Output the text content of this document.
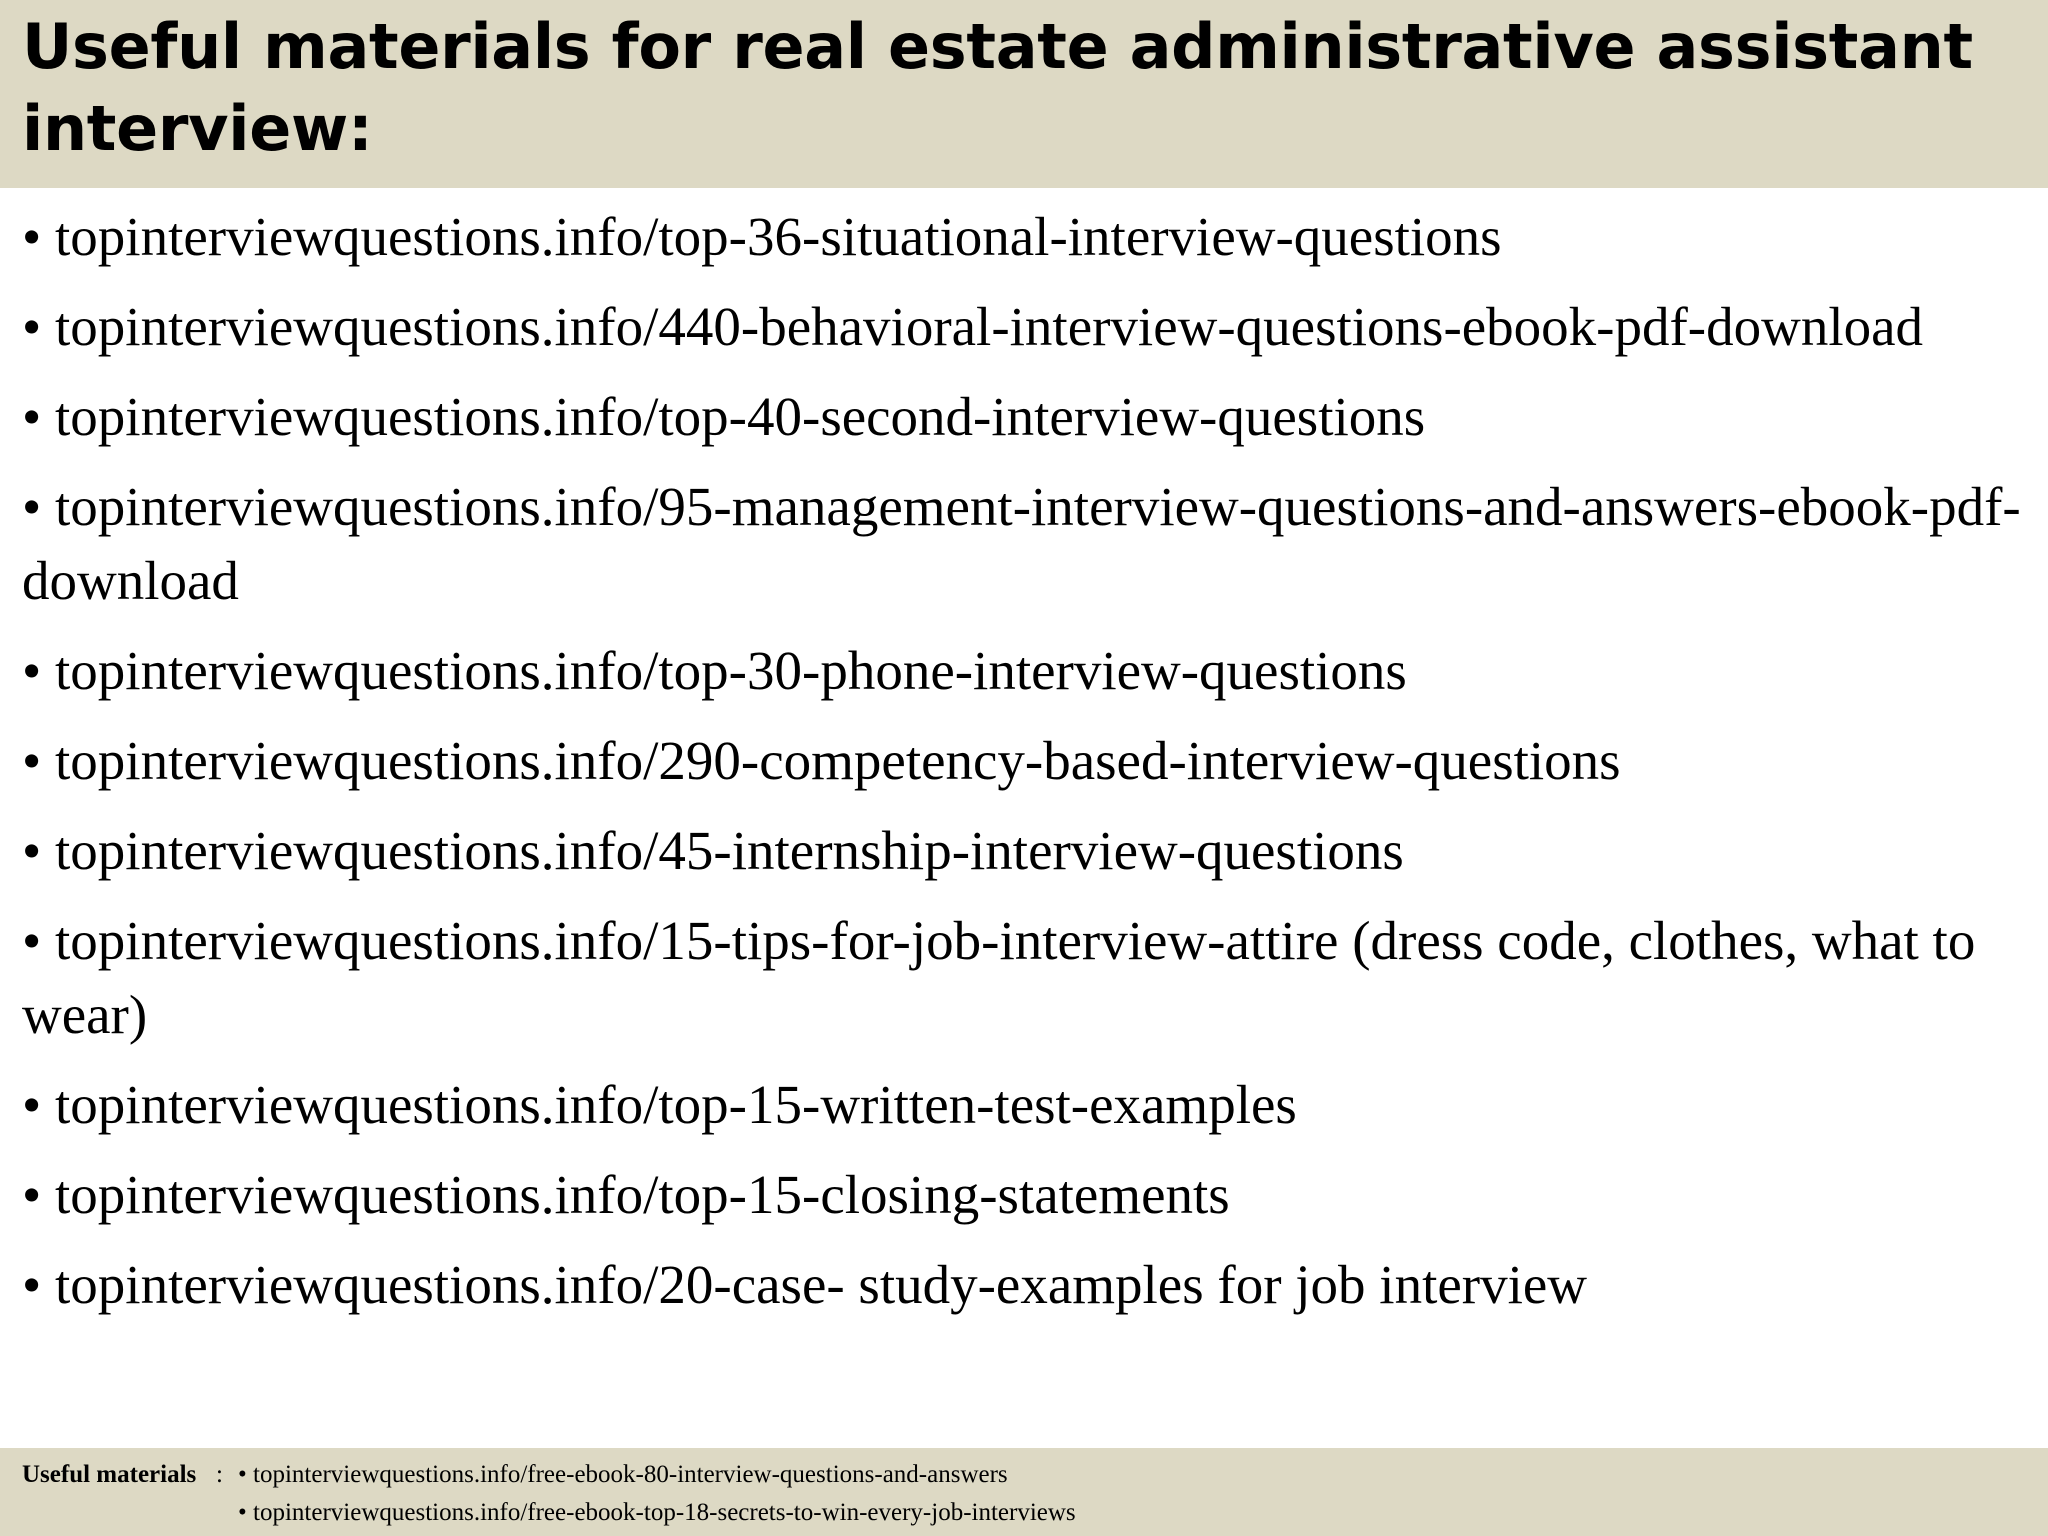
Useful materials for real estate administrative assistant interview:
• topinterviewquestions.info/top-36-situational-interview-questions
• topinterviewquestions.info/440-behavioral-interview-questions-ebook-pdf-download
• topinterviewquestions.info/top-40-second-interview-questions
• topinterviewquestions.info/95-management-interview-questions-and-answers-ebook-pdf-download
• topinterviewquestions.info/top-30-phone-interview-questions
• topinterviewquestions.info/290-competency-based-interview-questions
• topinterviewquestions.info/45-internship-interview-questions
• topinterviewquestions.info/15-tips-for-job-interview-attire (dress code, clothes, what to wear)
• topinterviewquestions.info/top-15-written-test-examples
• topinterviewquestions.info/top-15-closing-statements
• topinterviewquestions.info/20-case- study-examples for job interview
Useful materials : • topinterviewquestions.info/free-ebook-80-interview-questions-and-answers
• topinterviewquestions.info/free-ebook-top-18-secrets-to-win-every-job-interviews
